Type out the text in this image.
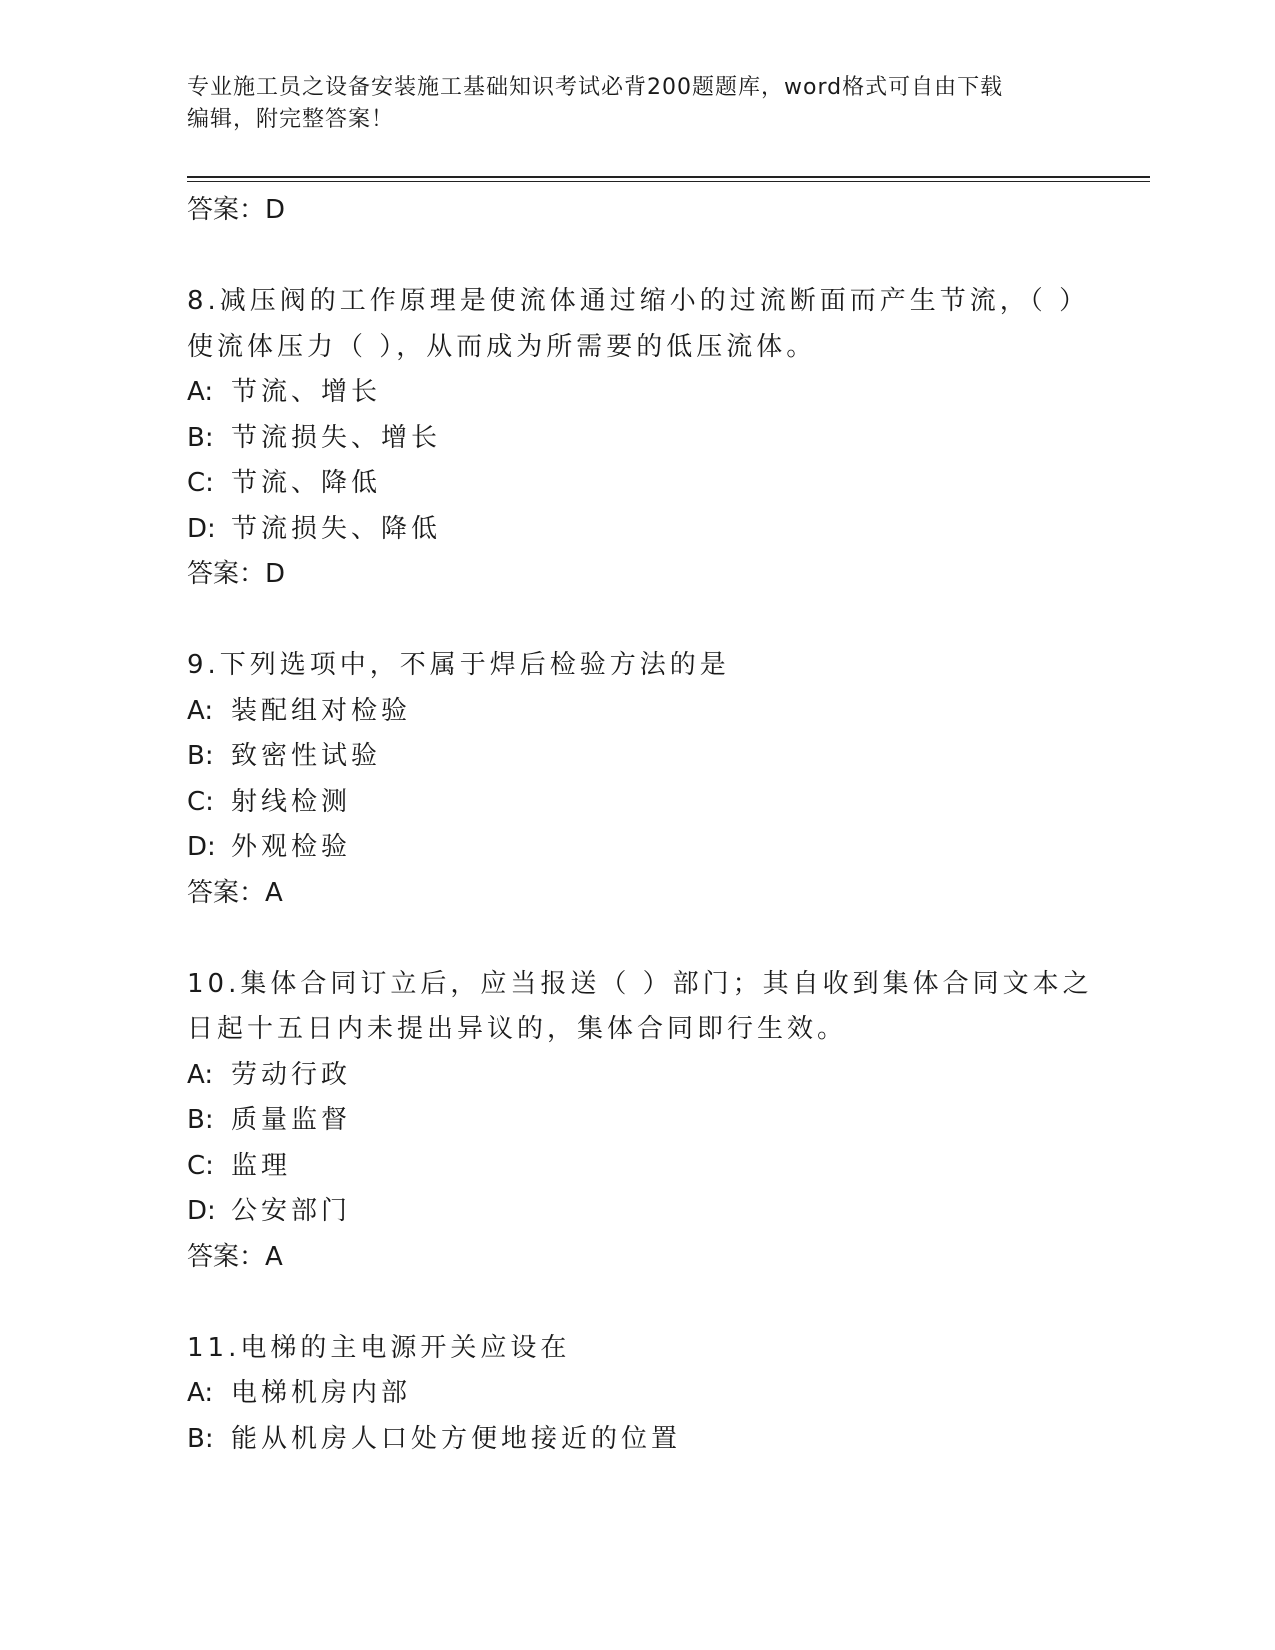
专业施工员之设备安装施工基础知识考试必背200题题库，word格式可自由下载
编辑，附完整答案！
答案：D
8.减压阀的工作原理是使流体通过缩小的过流断面而产生节流，（ ）
使流体压力（ ），从而成为所需要的低压流体。
A: 节流、增长
B: 节流损失、增长
C: 节流、降低
D: 节流损失、降低
答案：D
9.下列选项中，不属于焊后检验方法的是
A: 装配组对检验
B: 致密性试验
C: 射线检测
D: 外观检验
答案：A
10.集体合同订立后，应当报送（ ）部门；其自收到集体合同文本之
日起十五日内未提出异议的，集体合同即行生效。
A: 劳动行政
B: 质量监督
C: 监理
D: 公安部门
答案：A
11.电梯的主电源开关应设在
A: 电梯机房内部
B: 能从机房人口处方便地接近的位置
